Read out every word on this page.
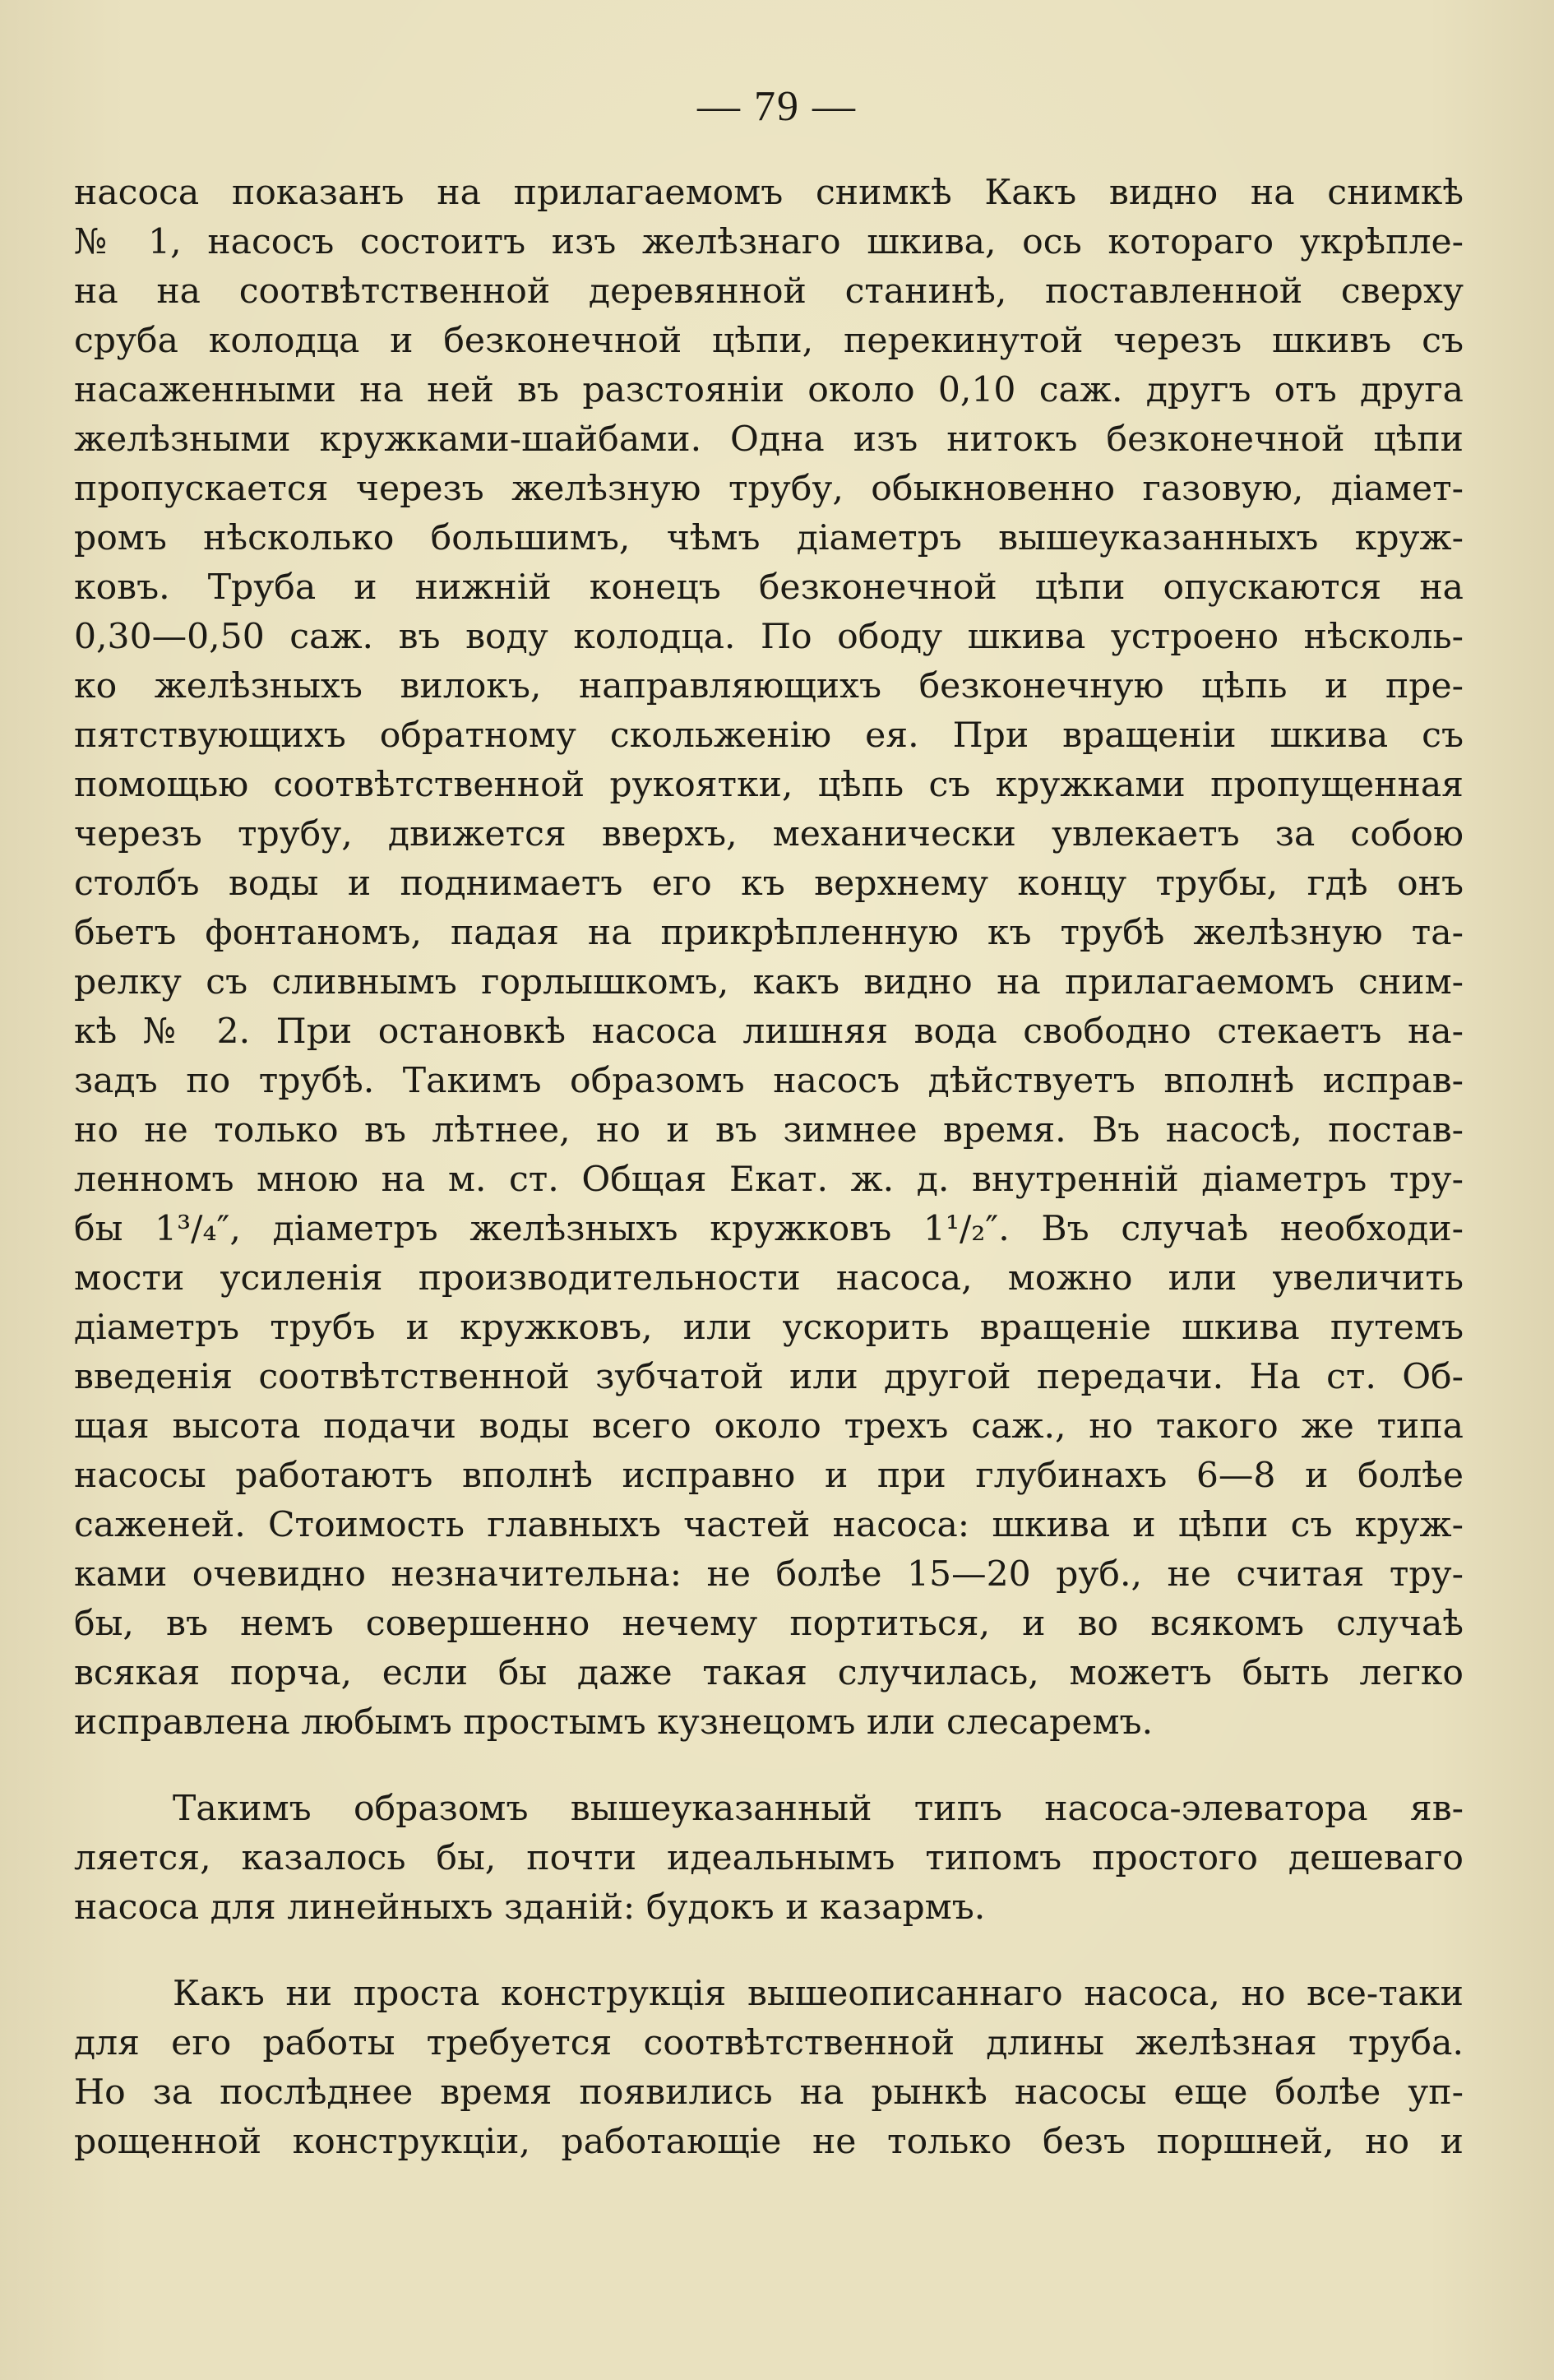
— 79 —
насоса показанъ на прилагаемомъ снимкѣ Какъ видно на снимкѣ
№ 1, насосъ состоитъ изъ желѣзнаго шкива, ось котораго укрѣпле-
на на соотвѣтственной деревянной станинѣ, поставленной сверху
сруба колодца и безконечной цѣпи, перекинутой черезъ шкивъ съ
насаженными на ней въ разстояніи около 0,10 саж. другъ отъ друга
желѣзными кружками-шайбами. Одна изъ нитокъ безконечной цѣпи
пропускается черезъ желѣзную трубу, обыкновенно газовую, діамет-
ромъ нѣсколько большимъ, чѣмъ діаметръ вышеуказанныхъ круж-
ковъ. Труба и нижній конецъ безконечной цѣпи опускаются на
0,30—0,50 саж. въ воду колодца. По ободу шкива устроено нѣсколь-
ко желѣзныхъ вилокъ, направляющихъ безконечную цѣпь и пре-
пятствующихъ обратному скольженію ея. При вращеніи шкива съ
помощью соотвѣтственной рукоятки, цѣпь съ кружками пропущенная
черезъ трубу, движется вверхъ, механически увлекаетъ за собою
столбъ воды и поднимаетъ его къ верхнему концу трубы, гдѣ онъ
бьетъ фонтаномъ, падая на прикрѣпленную къ трубѣ желѣзную та-
релку съ сливнымъ горлышкомъ, какъ видно на прилагаемомъ сним-
кѣ № 2. При остановкѣ насоса лишняя вода свободно стекаетъ на-
задъ по трубѣ. Такимъ образомъ насосъ дѣйствуетъ вполнѣ исправ-
но не только въ лѣтнее, но и въ зимнее время. Въ насосѣ, постав-
ленномъ мною на м. ст. Общая Екат. ж. д. внутренній діаметръ тру-
бы 1³/₄″, діаметръ желѣзныхъ кружковъ 1¹/₂″. Въ случаѣ необходи-
мости усиленія производительности насоса, можно или увеличить
діаметръ трубъ и кружковъ, или ускорить вращеніе шкива путемъ
введенія соотвѣтственной зубчатой или другой передачи. На ст. Об-
щая высота подачи воды всего около трехъ саж., но такого же типа
насосы работаютъ вполнѣ исправно и при глубинахъ 6—8 и болѣе
саженей. Стоимость главныхъ частей насоса: шкива и цѣпи съ круж-
ками очевидно незначительна: не болѣе 15—20 руб., не считая тру-
бы, въ немъ совершенно нечему портиться, и во всякомъ случаѣ
всякая порча, если бы даже такая случилась, можетъ быть легко
исправлена любымъ простымъ кузнецомъ или слесаремъ.
Такимъ образомъ вышеуказанный типъ насоса-элеватора яв-
ляется, казалось бы, почти идеальнымъ типомъ простого дешеваго
насоса для линейныхъ зданій: будокъ и казармъ.
Какъ ни проста конструкція вышеописаннаго насоса, но все-таки
для его работы требуется соотвѣтственной длины желѣзная труба.
Но за послѣднее время появились на рынкѣ насосы еще болѣе уп-
рощенной конструкціи, работающіе не только безъ поршней, но и
